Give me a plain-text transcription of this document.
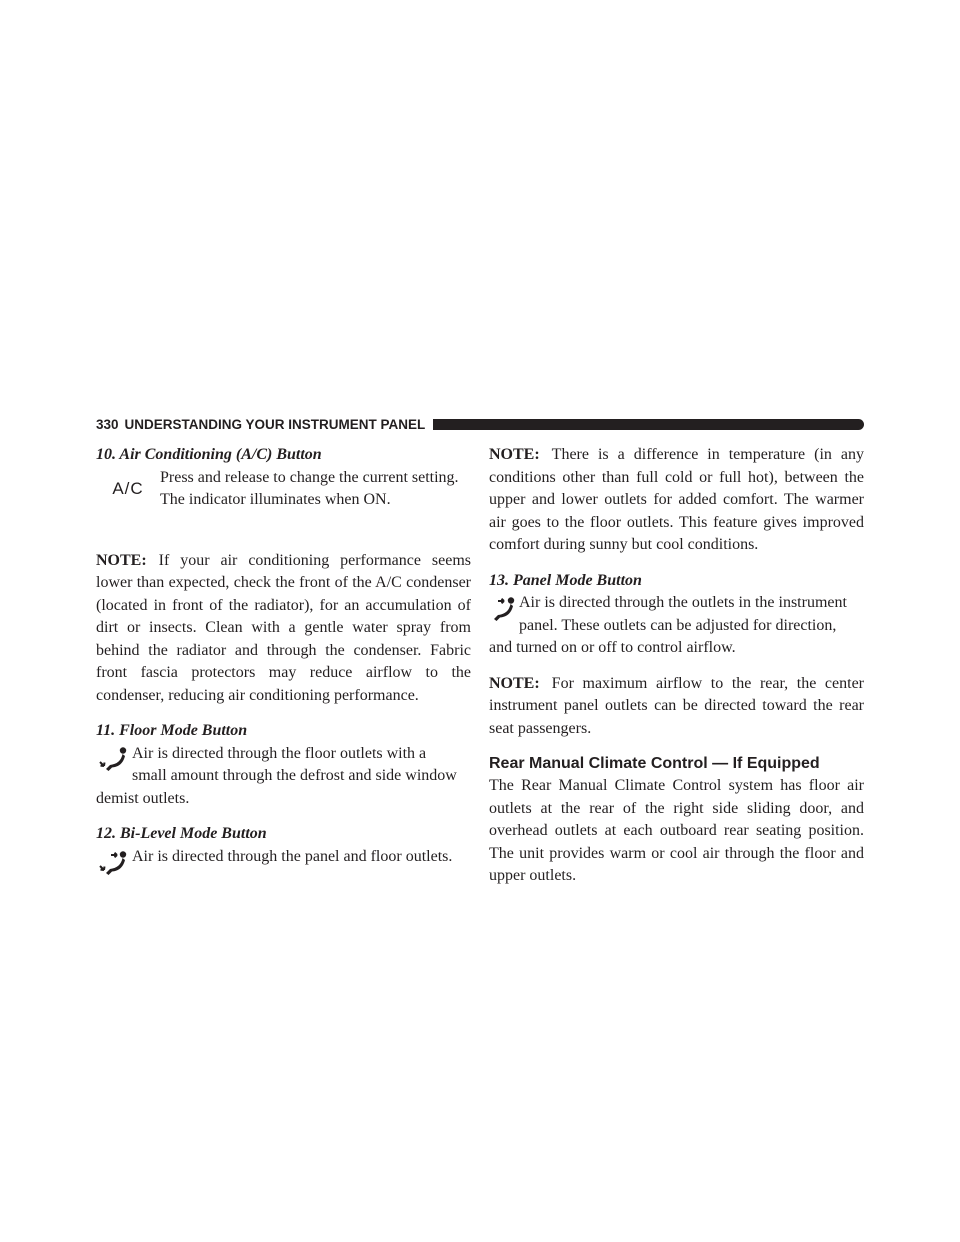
330 UNDERSTANDING YOUR INSTRUMENT PANEL

10. Air Conditioning (A/C) Button

A/C

Press and release to change the current setting.

The indicator illuminates when ON.

NOTE: If your air conditioning performance seems lower than expected, check the front of the A/C condenser (located in front of the radiator), for an accumulation of dirt or insects. Clean with a gentle water spray from behind the radiator and through the condenser. Fabric front fascia protectors may reduce airflow to the condenser, reducing air conditioning performance.

11. Floor Mode Button

Air is directed through the floor outlets with a

small amount through the defrost and side window

demist outlets.

12. Bi-Level Mode Button

Air is directed through the panel and floor outlets.

NOTE: There is a difference in temperature (in any conditions other than full cold or full hot), between the upper and lower outlets for added comfort. The warmer air goes to the floor outlets. This feature gives improved comfort during sunny but cool conditions.

13. Panel Mode Button

Air is directed through the outlets in the instrument

panel. These outlets can be adjusted for direction,

and turned on or off to control airflow.

NOTE: For maximum airflow to the rear, the center instrument panel outlets can be directed toward the rear seat passengers.

Rear Manual Climate Control — If Equipped

The Rear Manual Climate Control system has floor air outlets at the rear of the right side sliding door, and overhead outlets at each outboard rear seating position. The unit provides warm or cool air through the floor and upper outlets.
